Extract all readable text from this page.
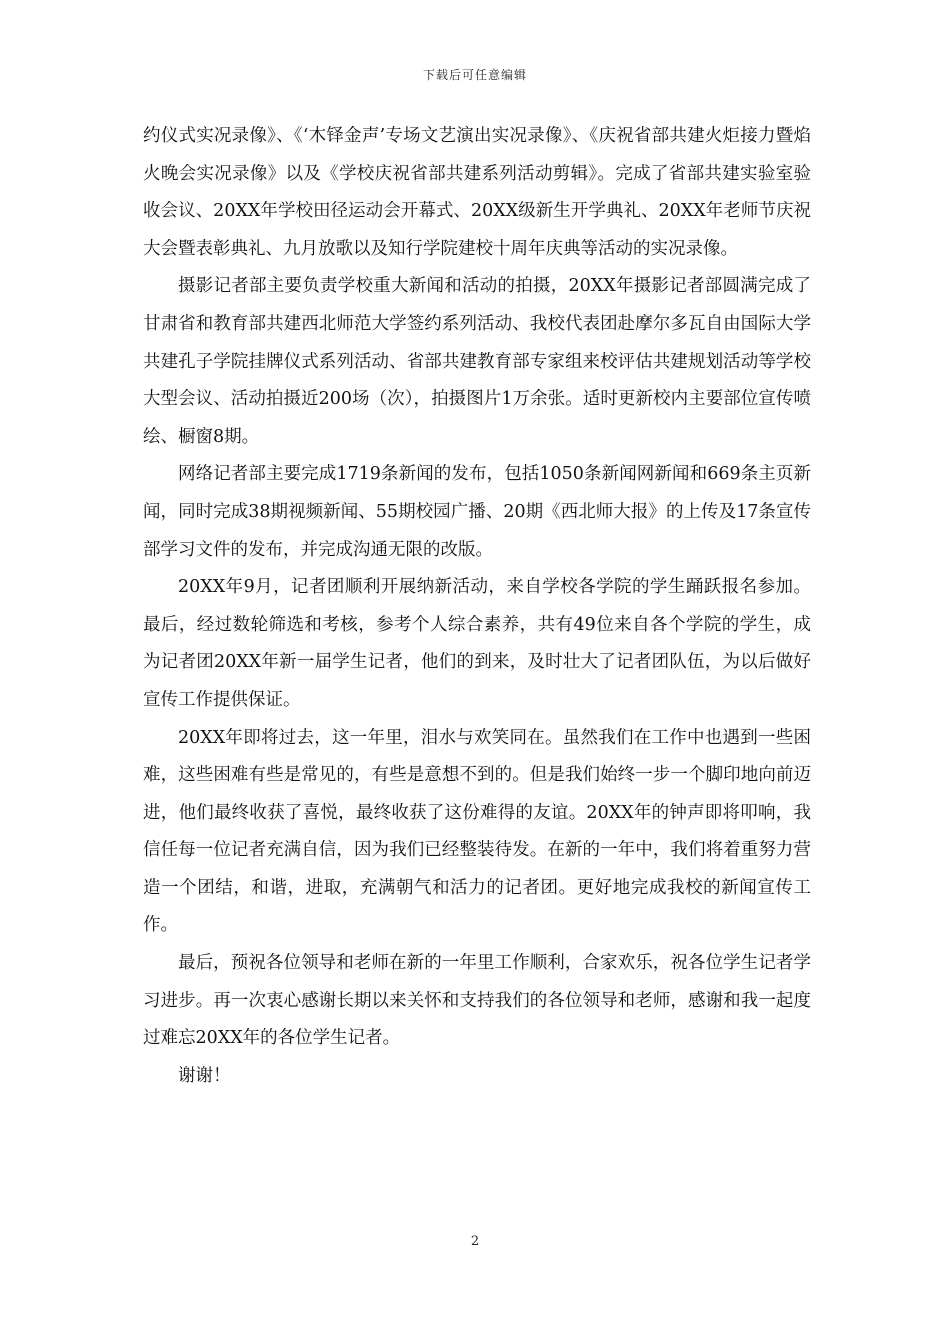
下载后可任意编辑

约仪式实况录像》、《‘木铎金声’专场文艺演出实况录像》、《庆祝省部共建火炬接力暨焰火晚会实况录像》以及《学校庆祝省部共建系列活动剪辑》。完成了省部共建实验室验收会议、20XX年学校田径运动会开幕式、20XX级新生开学典礼、20XX年老师节庆祝大会暨表彰典礼、九月放歌以及知行学院建校十周年庆典等活动的实况录像。

摄影记者部主要负责学校重大新闻和活动的拍摄，20XX年摄影记者部圆满完成了甘肃省和教育部共建西北师范大学签约系列活动、我校代表团赴摩尔多瓦自由国际大学共建孔子学院挂牌仪式系列活动、省部共建教育部专家组来校评估共建规划活动等学校大型会议、活动拍摄近200场（次），拍摄图片1万余张。适时更新校内主要部位宣传喷绘、橱窗8期。

网络记者部主要完成1719条新闻的发布，包括1050条新闻网新闻和669条主页新闻，同时完成38期视频新闻、55期校园广播、20期《西北师大报》的上传及17条宣传部学习文件的发布，并完成沟通无限的改版。

20XX年9月，记者团顺利开展纳新活动，来自学校各学院的学生踊跃报名参加。最后，经过数轮筛选和考核，参考个人综合素养，共有49位来自各个学院的学生，成为记者团20XX年新一届学生记者，他们的到来，及时壮大了记者团队伍，为以后做好宣传工作提供保证。

20XX年即将过去，这一年里，泪水与欢笑同在。虽然我们在工作中也遇到一些困难，这些困难有些是常见的，有些是意想不到的。但是我们始终一步一个脚印地向前迈进，他们最终收获了喜悦，最终收获了这份难得的友谊。20XX年的钟声即将叩响，我信任每一位记者充满自信，因为我们已经整装待发。在新的一年中，我们将着重努力营造一个团结，和谐，进取，充满朝气和活力的记者团。更好地完成我校的新闻宣传工作。

最后，预祝各位领导和老师在新的一年里工作顺利，合家欢乐，祝各位学生记者学习进步。再一次衷心感谢长期以来关怀和支持我们的各位领导和老师，感谢和我一起度过难忘20XX年的各位学生记者。

谢谢！

2
